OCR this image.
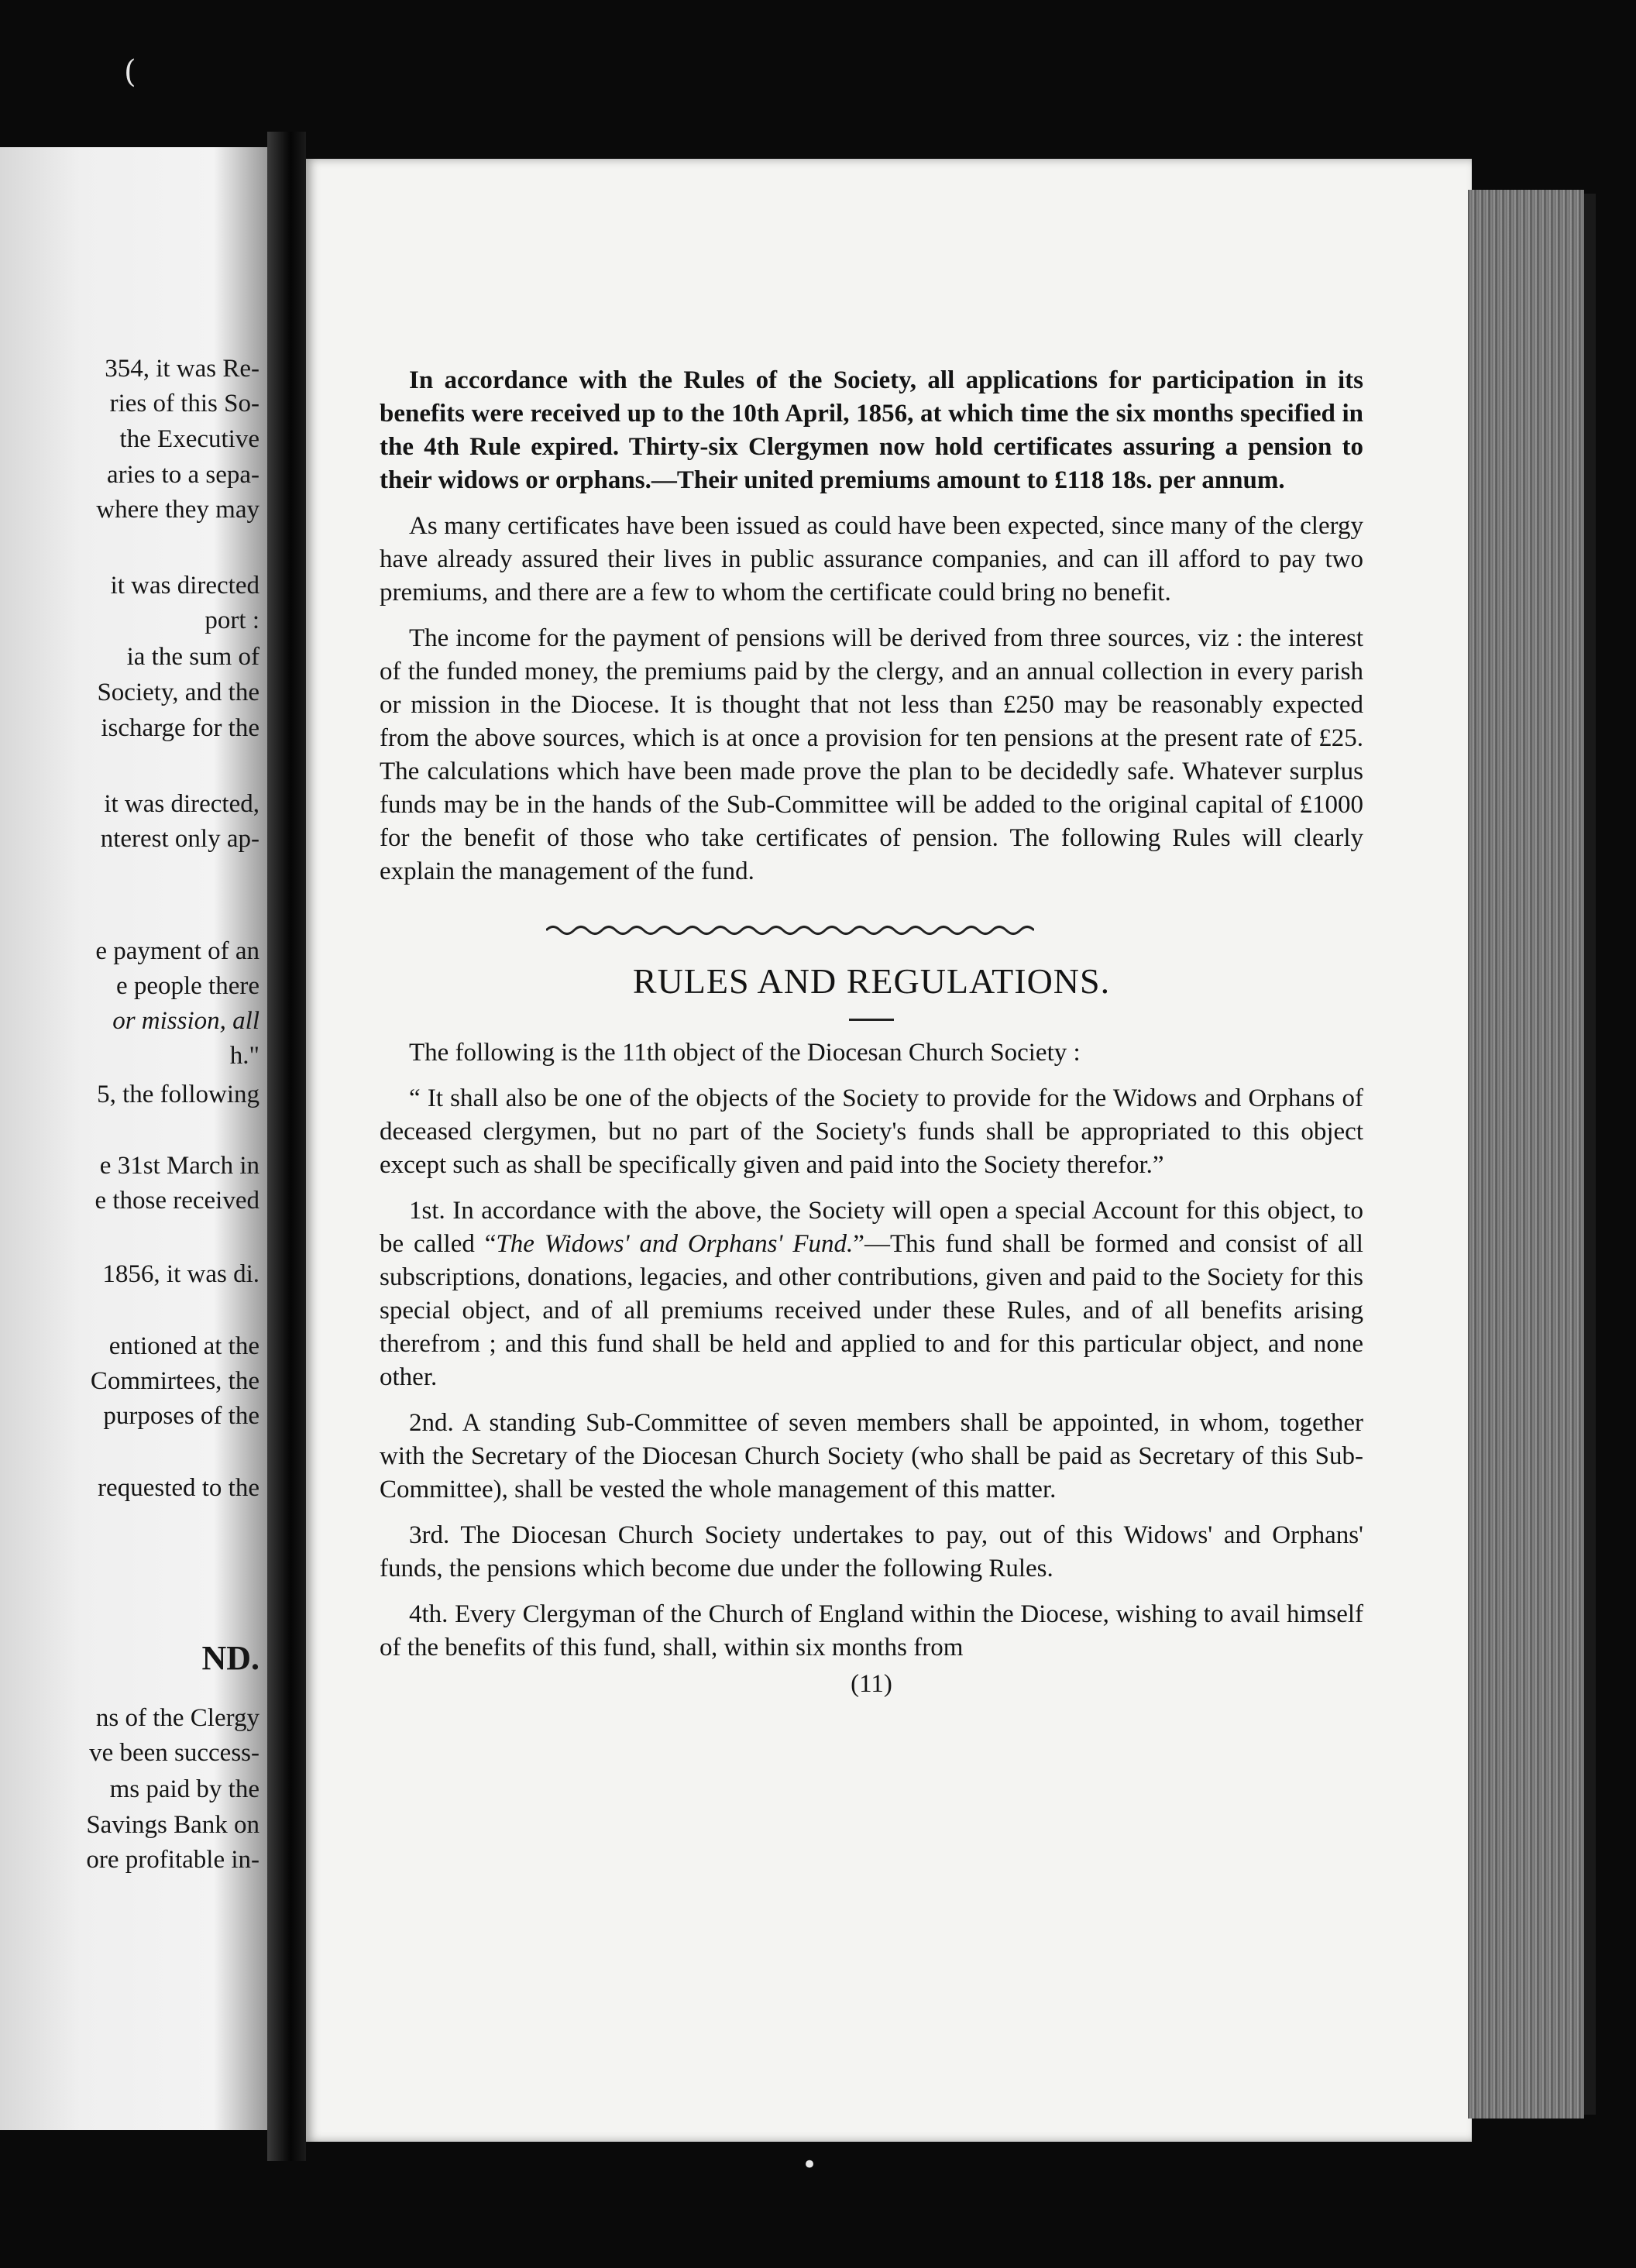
354, it was Re-
ries of this So-
the Executive
aries to a sepa-
where they may
it was directed
port :
ia the sum of
Society, and the
ischarge for the
it was directed,
nterest only ap-
e payment of an
e people there
or mission, all
h."
5, the following
e 31st March in
e those received
1856, it was di.
entioned at the
Commirtees, the
purposes of the
requested to the
ND.
ns of the Clergy
ve been success-
ms paid by the
Savings Bank on
ore profitable in-

In accordance with the Rules of the Society, all applications for participation in its benefits were received up to the 10th April, 1856, at which time the six months specified in the 4th Rule expired. Thirty-six Clergymen now hold certificates assuring a pension to their widows or orphans.—Their united premiums amount to £118 18s. per annum.

As many certificates have been issued as could have been expected, since many of the clergy have already assured their lives in public assurance companies, and can ill afford to pay two premiums, and there are a few to whom the certificate could bring no benefit.

The income for the payment of pensions will be derived from three sources, viz : the interest of the funded money, the premiums paid by the clergy, and an annual collection in every parish or mission in the Diocese. It is thought that not less than £250 may be reasonably expected from the above sources, which is at once a provision for ten pensions at the present rate of £25. The calculations which have been made prove the plan to be decidedly safe. Whatever surplus funds may be in the hands of the Sub-Committee will be added to the original capital of £1000 for the benefit of those who take certificates of pension. The following Rules will clearly explain the management of the fund.

RULES AND REGULATIONS.

The following is the 11th object of the Diocesan Church Society :

“ It shall also be one of the objects of the Society to provide for the Widows and Orphans of deceased clergymen, but no part of the Society's funds shall be appropriated to this object except such as shall be specifically given and paid into the Society therefor.”

1st. In accordance with the above, the Society will open a special Account for this object, to be called “The Widows' and Orphans' Fund.”—This fund shall be formed and consist of all subscriptions, donations, legacies, and other contributions, given and paid to the Society for this special object, and of all premiums received under these Rules, and of all benefits arising therefrom ; and this fund shall be held and applied to and for this particular object, and none other.

2nd. A standing Sub-Committee of seven members shall be appointed, in whom, together with the Secretary of the Diocesan Church Society (who shall be paid as Secretary of this Sub-Committee), shall be vested the whole management of this matter.

3rd. The Diocesan Church Society undertakes to pay, out of this Widows' and Orphans' funds, the pensions which become due under the following Rules.

4th. Every Clergyman of the Church of England within the Diocese, wishing to avail himself of the benefits of this fund, shall, within six months from

(11)
(
•
